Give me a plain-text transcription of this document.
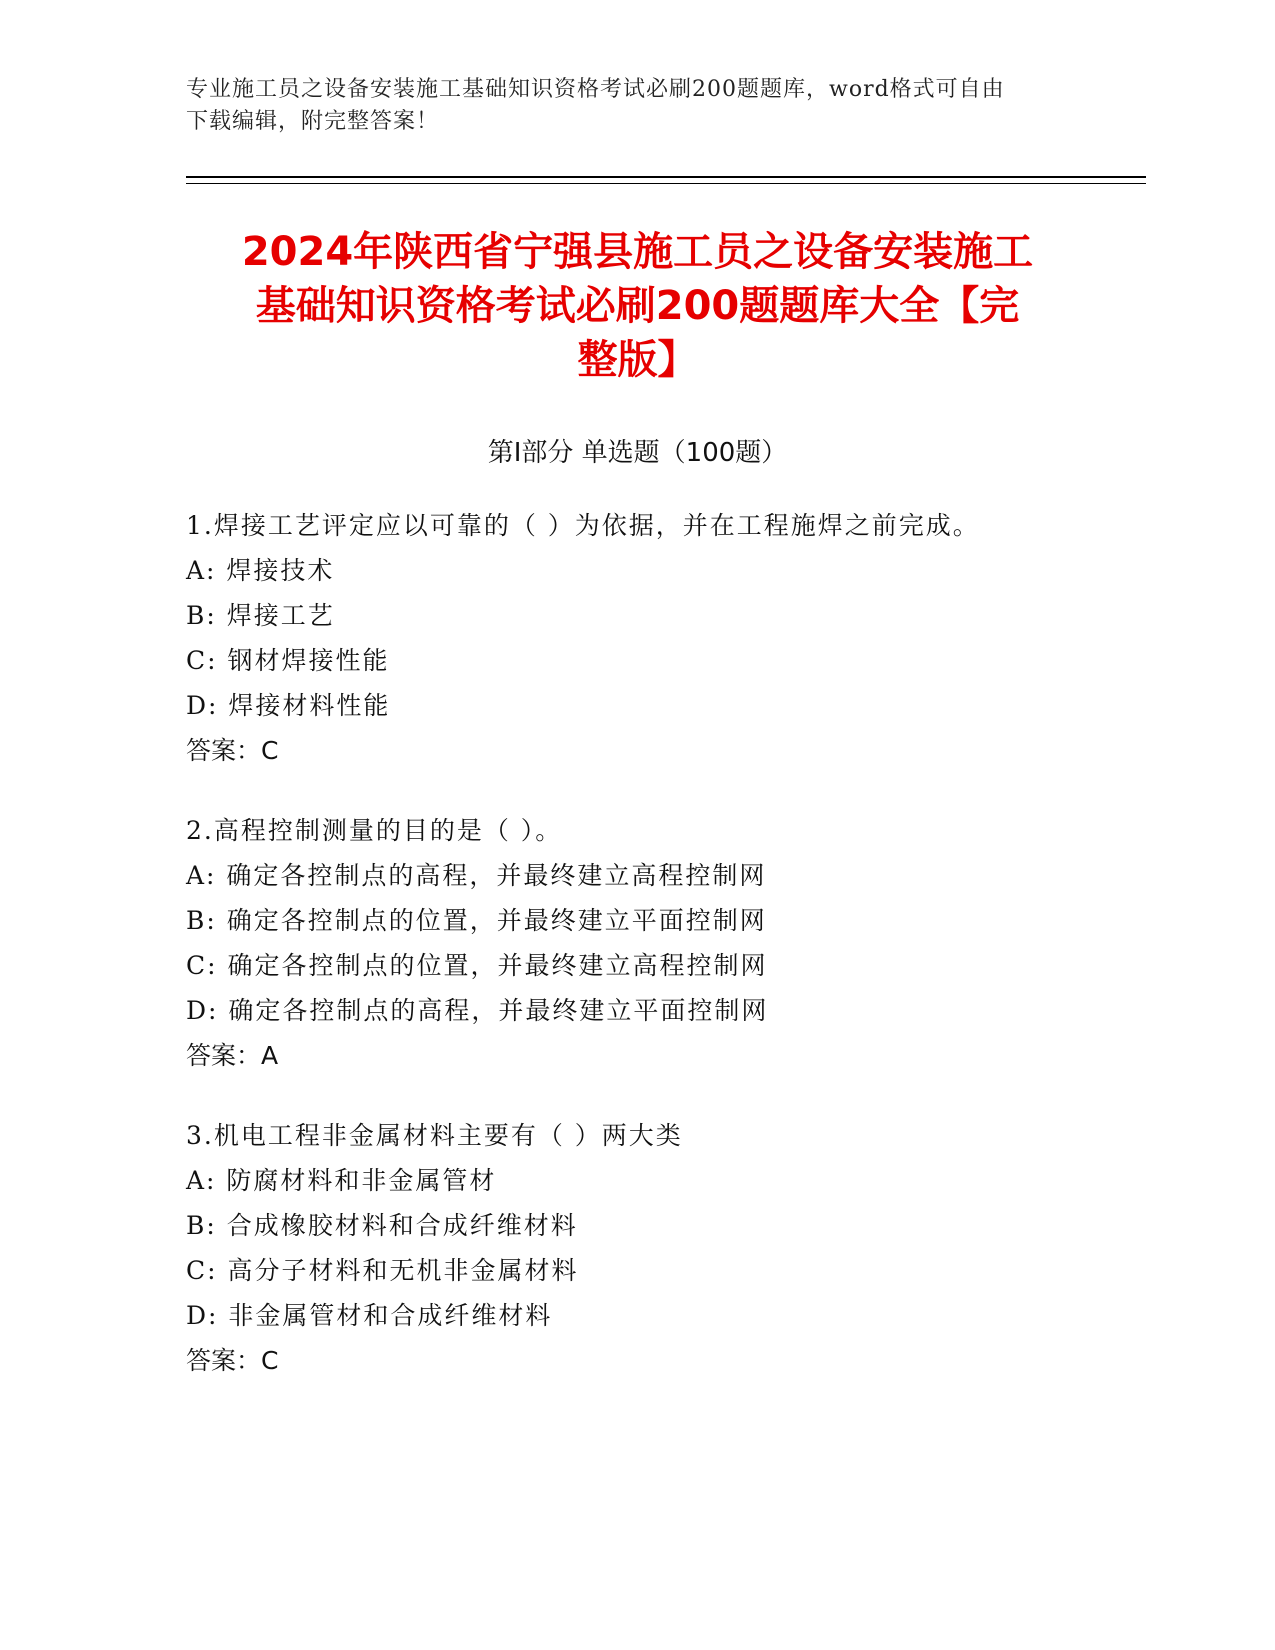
专业施工员之设备安装施工基础知识资格考试必刷200题题库，word格式可自由
下载编辑，附完整答案！
2024年陕西省宁强县施工员之设备安装施工
基础知识资格考试必刷200题题库大全【完
整版】
第I部分 单选题（100题）
1.焊接工艺评定应以可靠的（ ）为依据，并在工程施焊之前完成。
A: 焊接技术
B: 焊接工艺
C: 钢材焊接性能
D: 焊接材料性能
答案：C
2.高程控制测量的目的是（ ）。
A: 确定各控制点的高程，并最终建立高程控制网
B: 确定各控制点的位置，并最终建立平面控制网
C: 确定各控制点的位置，并最终建立高程控制网
D: 确定各控制点的高程，并最终建立平面控制网
答案：A
3.机电工程非金属材料主要有（ ）两大类
A: 防腐材料和非金属管材
B: 合成橡胶材料和合成纤维材料
C: 高分子材料和无机非金属材料
D: 非金属管材和合成纤维材料
答案：C
